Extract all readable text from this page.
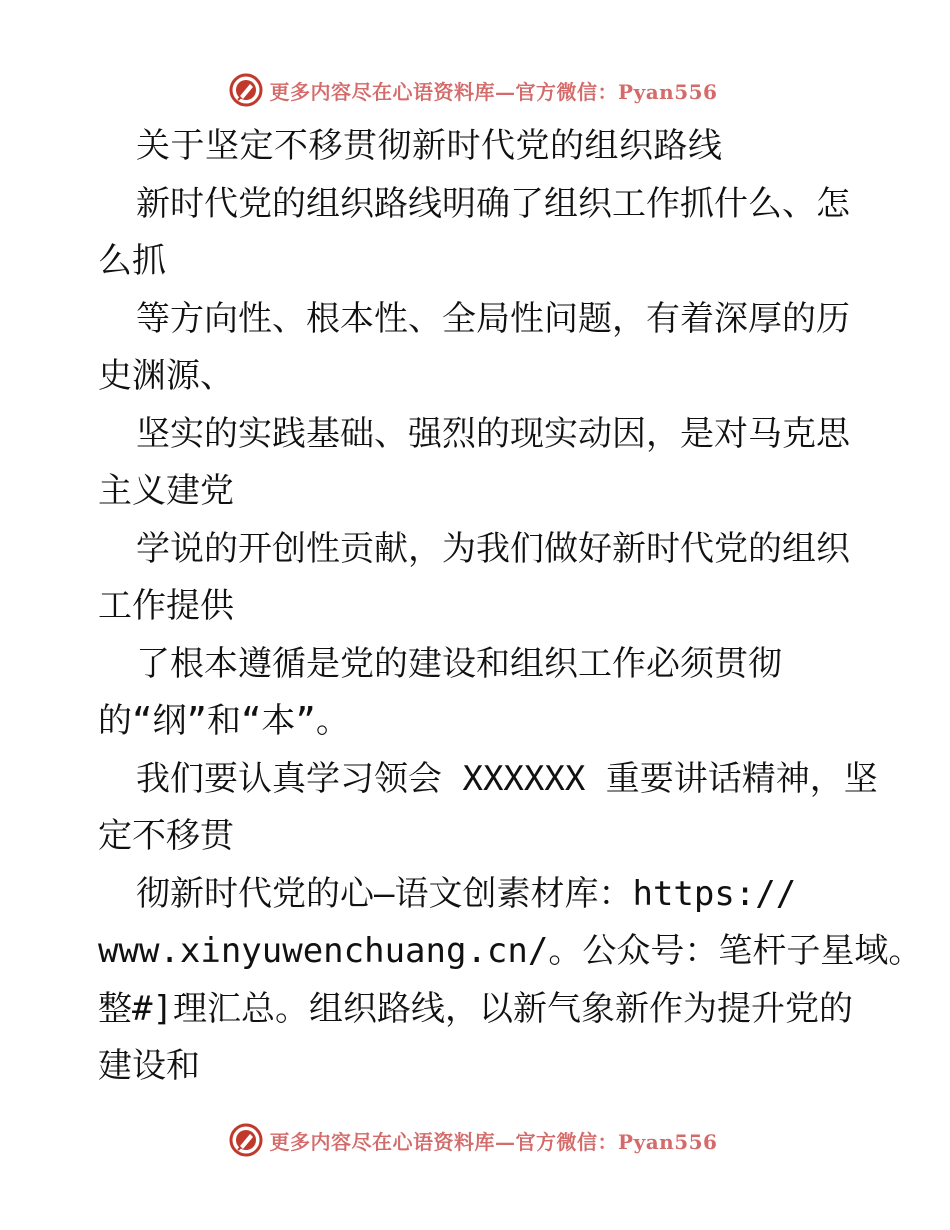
更多内容尽在心语资料库—官方微信：Pyan556
关于坚定不移贯彻新时代党的组织路线
新时代党的组织路线明确了组织工作抓什么、怎
么抓
等方向性、根本性、全局性问题，有着深厚的历
史渊源、
坚实的实践基础、强烈的现实动因，是对马克思
主义建党
学说的开创性贡献，为我们做好新时代党的组织
工作提供
了根本遵循是党的建设和组织工作必须贯彻
的“纲”和“本”。
我们要认真学习领会 XXXXXX 重要讲话精神，坚
定不移贯
彻新时代党的心—语文创素材库：https://
www.xinyuwenchuang.cn/。公众号：笔杆子星域。
整#]理汇总。组织路线，以新气象新作为提升党的
建设和
更多内容尽在心语资料库—官方微信：Pyan556
